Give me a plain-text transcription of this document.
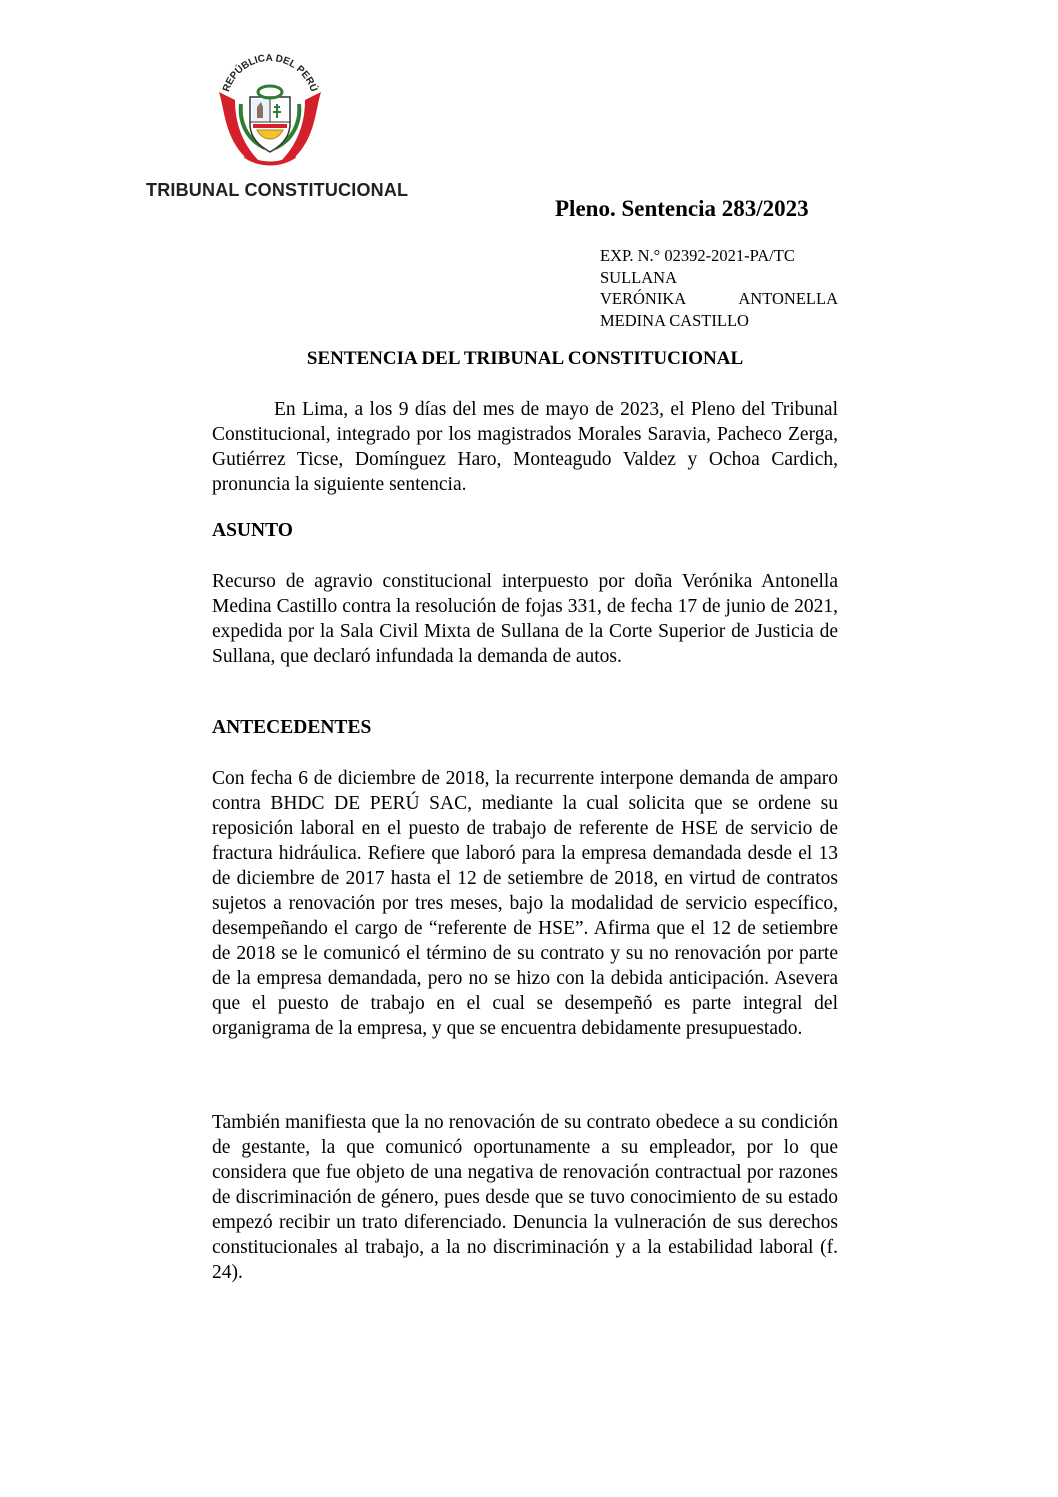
REPÚBLICA DEL PERÚ
TRIBUNAL CONSTITUCIONAL
Pleno. Sentencia 283/2023
EXP. N.° 02392-2021-PA/TC
SULLANA
VERÓNIKA	ANTONELLA
MEDINA CASTILLO
SENTENCIA DEL TRIBUNAL CONSTITUCIONAL

En Lima, a los 9 días del mes de mayo de 2023, el Pleno del Tribunal Constitucional, integrado por los magistrados Morales Saravia, Pacheco Zerga, Gutiérrez Ticse, Domínguez Haro, Monteagudo Valdez y Ochoa Cardich, pronuncia la siguiente sentencia.

ASUNTO

Recurso de agravio constitucional interpuesto por doña Verónika Antonella Medina Castillo contra la resolución de fojas 331, de fecha 17 de junio de 2021, expedida por la Sala Civil Mixta de Sullana de la Corte Superior de Justicia de Sullana, que declaró infundada la demanda de autos.

ANTECEDENTES

Con fecha 6 de diciembre de 2018, la recurrente interpone demanda de amparo contra BHDC DE PERÚ SAC, mediante la cual solicita que se ordene su reposición laboral en el puesto de trabajo de referente de HSE de servicio de fractura hidráulica. Refiere que laboró para la empresa demandada desde el 13 de diciembre de 2017 hasta el 12 de setiembre de 2018, en virtud de contratos sujetos a renovación por tres meses, bajo la modalidad de servicio específico, desempeñando el cargo de “referente de HSE”. Afirma que el 12 de setiembre de 2018 se le comunicó el término de su contrato y su no renovación por parte de la empresa demandada, pero no se hizo con la debida anticipación. Asevera que el puesto de trabajo en el cual se desempeñó es parte integral del organigrama de la empresa, y que se encuentra debidamente presupuestado.

También manifiesta que la no renovación de su contrato obedece a su condición de gestante, la que comunicó oportunamente a su empleador, por lo que considera que fue objeto de una negativa de renovación contractual por razones de discriminación de género, pues desde que se tuvo conocimiento de su estado empezó recibir un trato diferenciado. Denuncia la vulneración de sus derechos constitucionales al trabajo, a la no discriminación y a la estabilidad laboral (f. 24).
